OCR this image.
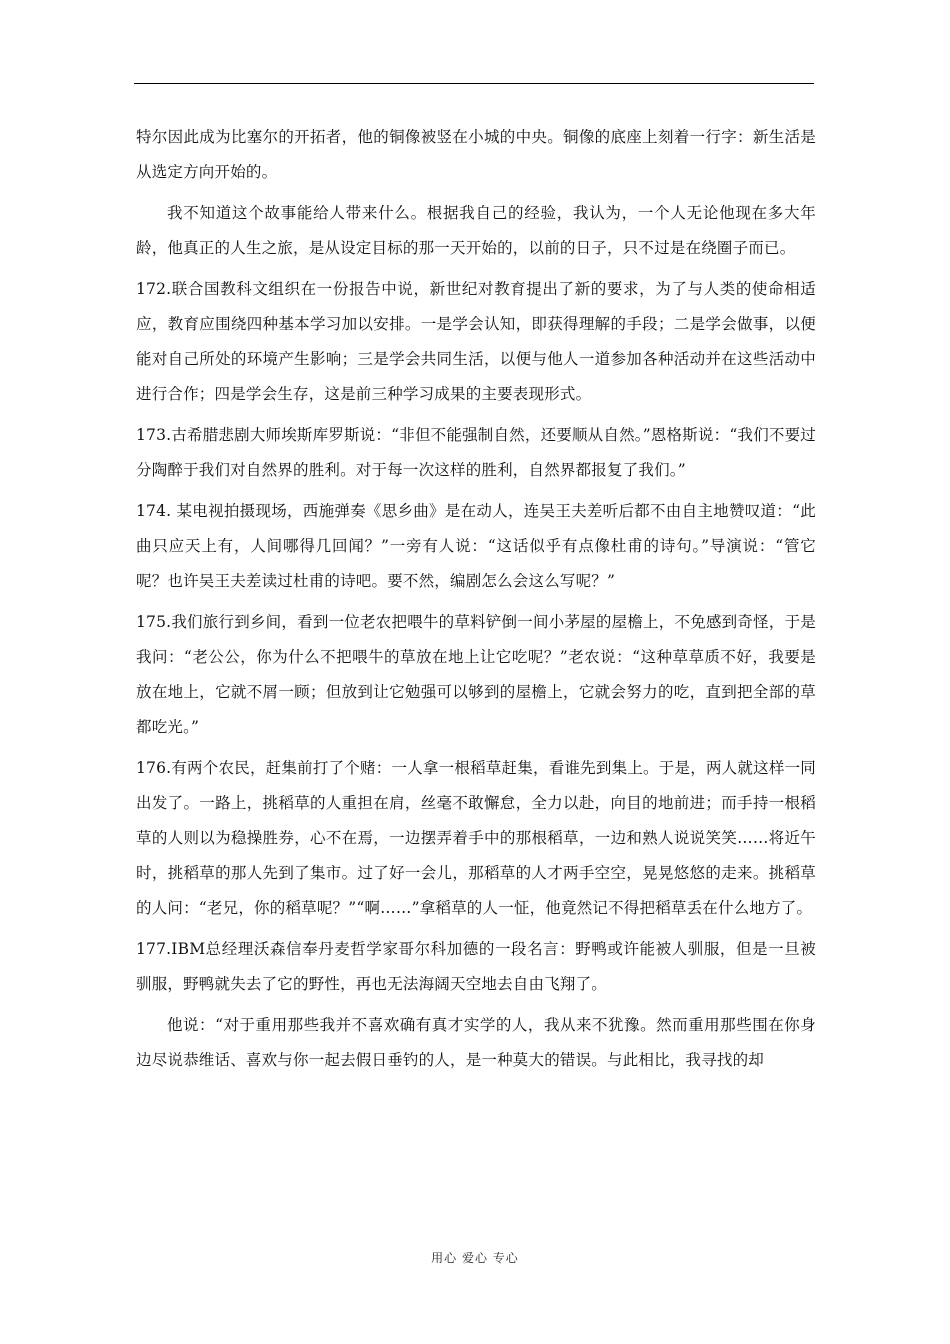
特尔因此成为比塞尔的开拓者，他的铜像被竖在小城的中央。铜像的底座上刻着一行字：新生活是从选定方向开始的。

我不知道这个故事能给人带来什么。根据我自己的经验，我认为，一个人无论他现在多大年龄，他真正的人生之旅，是从设定目标的那一天开始的，以前的日子，只不过是在绕圈子而已。

172.联合国教科文组织在一份报告中说，新世纪对教育提出了新的要求，为了与人类的使命相适应，教育应围绕四种基本学习加以安排。一是学会认知，即获得理解的手段；二是学会做事，以便能对自己所处的环境产生影响；三是学会共同生活，以便与他人一道参加各种活动并在这些活动中进行合作；四是学会生存，这是前三种学习成果的主要表现形式。

173.古希腊悲剧大师埃斯库罗斯说：“非但不能强制自然，还要顺从自然。”恩格斯说：“我们不要过分陶醉于我们对自然界的胜利。对于每一次这样的胜利，自然界都报复了我们。”

174. 某电视拍摄现场，西施弹奏《思乡曲》是在动人，连吴王夫差听后都不由自主地赞叹道：“此曲只应天上有，人间哪得几回闻？”一旁有人说：“这话似乎有点像杜甫的诗句。”导演说：“管它呢？也许吴王夫差读过杜甫的诗吧。要不然，编剧怎么会这么写呢？”

175.我们旅行到乡间，看到一位老农把喂牛的草料铲倒一间小茅屋的屋檐上，不免感到奇怪，于是我问：“老公公，你为什么不把喂牛的草放在地上让它吃呢？”老农说：“这种草草质不好，我要是放在地上，它就不屑一顾；但放到让它勉强可以够到的屋檐上，它就会努力的吃，直到把全部的草都吃光。”

176.有两个农民，赶集前打了个赌：一人拿一根稻草赶集，看谁先到集上。于是，两人就这样一同出发了。一路上，挑稻草的人重担在肩，丝毫不敢懈怠，全力以赴，向目的地前进；而手持一根稻草的人则以为稳操胜券，心不在焉，一边摆弄着手中的那根稻草，一边和熟人说说笑笑……将近午时，挑稻草的那人先到了集市。过了好一会儿，那稻草的人才两手空空，晃晃悠悠的走来。挑稻草的人问：“老兄，你的稻草呢？”“啊……”拿稻草的人一怔，他竟然记不得把稻草丢在什么地方了。

177.IBM总经理沃森信奉丹麦哲学家哥尔科加德的一段名言：野鸭或许能被人驯服，但是一旦被驯服，野鸭就失去了它的野性，再也无法海阔天空地去自由飞翔了。

他说：“对于重用那些我并不喜欢确有真才实学的人，我从来不犹豫。然而重用那些围在你身边尽说恭维话、喜欢与你一起去假日垂钓的人，是一种莫大的错误。与此相比，我寻找的却

用心 爱心 专心
